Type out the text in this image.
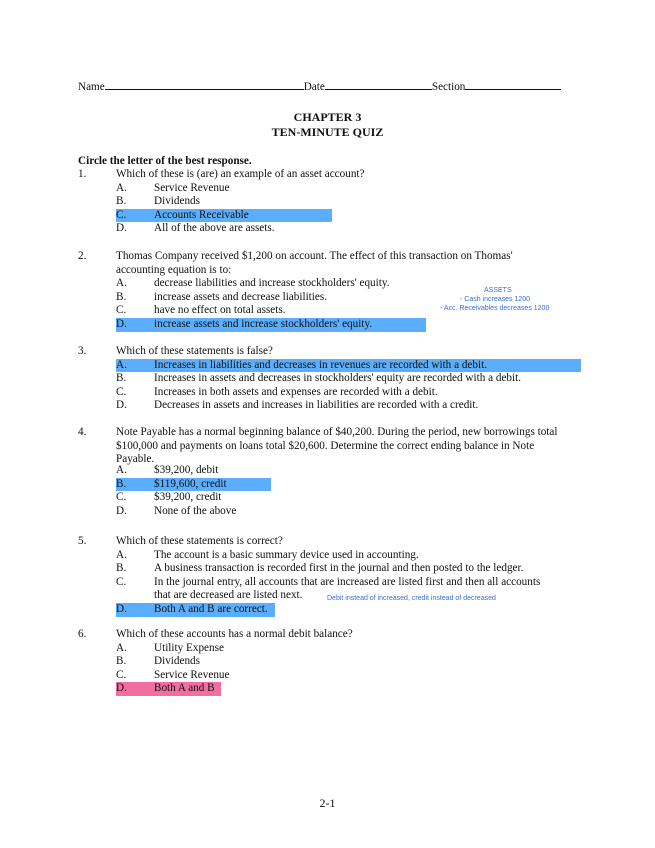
Name	Date	Section
CHAPTER 3
TEN-MINUTE QUIZ
Circle the letter of the best response.
1.	Which of these is (are) an example of an asset account?
A. Service Revenue
B. Dividends
C. Accounts Receivable
D. All of the above are assets.
2.	Thomas Company received $1,200 on account. The effect of this transaction on Thomas' accounting equation is to:
A. decrease liabilities and increase stockholders' equity.
B. increase assets and decrease liabilities.
C. have no effect on total assets.
D. increase assets and increase stockholders' equity.
ASSETS
- Cash increases 1200
- Acc. Receivables decreases 1200
3.	Which of these statements is false?
A. Increases in liabilities and decreases in revenues are recorded with a debit.
B. Increases in assets and decreases in stockholders' equity are recorded with a debit.
C. Increases in both assets and expenses are recorded with a debit.
D. Decreases in assets and increases in liabilities are recorded with a credit.
4.	Note Payable has a normal beginning balance of $40,200. During the period, new borrowings total $100,000 and payments on loans total $20,600. Determine the correct ending balance in Note Payable.
A. $39,200, debit
B. $119,600, credit
C. $39,200, credit
D. None of the above
5.	Which of these statements is correct?
A. The account is a basic summary device used in accounting.
B. A business transaction is recorded first in the journal and then posted to the ledger.
C. In the journal entry, all accounts that are increased are listed first and then all accounts
that are decreased are listed next.
D. Both A and B are correct.
Debit instead of increased, credit instead of decreased
6.	Which of these accounts has a normal debit balance?
A. Utility Expense
B. Dividends
C. Service Revenue
D. Both A and B
2-1
